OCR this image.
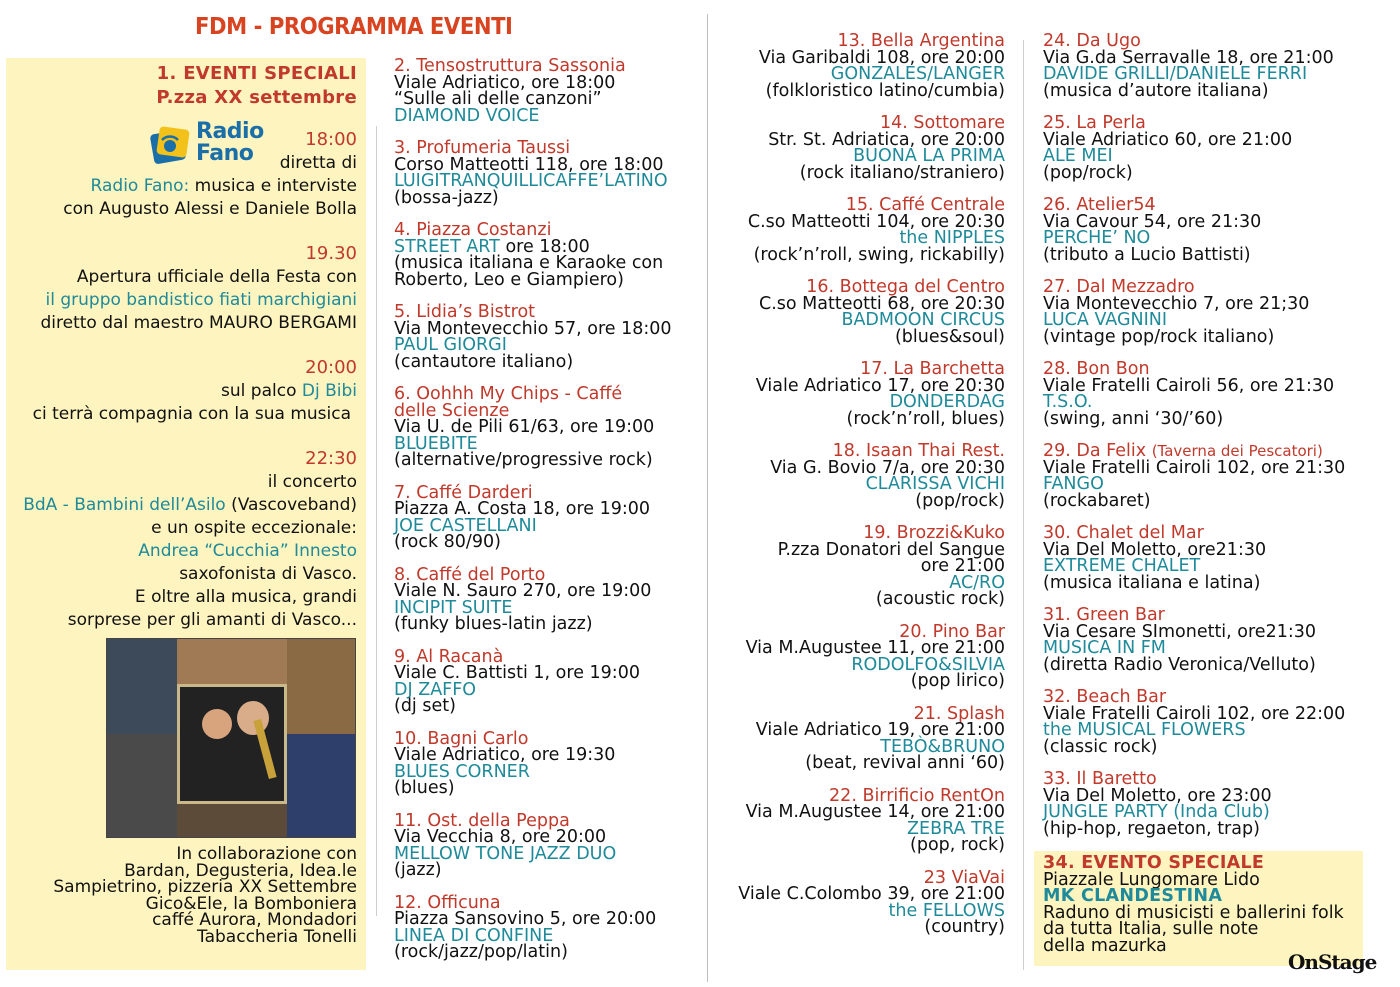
FDM - PROGRAMMA EVENTI
1. EVENTI SPECIALI
P.zza XX settembre
Radio
Fano
18:00
diretta di
Radio Fano: musica e interviste
con Augusto Alessi e Daniele Bolla
19.30
Apertura ufficiale della Festa con
il gruppo bandistico fiati marchigiani
diretto dal maestro MAURO BERGAMI
20:00
sul palco Dj Bibi
ci terrà compagnia con la sua musica
22:30
il concerto
BdA - Bambini dell’Asilo (Vascoveband)
e un ospite eccezionale:
Andrea “Cucchia” Innesto
saxofonista di Vasco.
E oltre alla musica, grandi
sorprese per gli amanti di Vasco...
In collaborazione con
Bardan, Degusteria, Idea.le
Sampietrino, pizzeria XX Settembre
Gico&Ele, la Bomboniera
caffé Aurora, Mondadori
Tabaccheria Tonelli
2. Tensostruttura Sassonia
Viale Adriatico, ore 18:00
“Sulle ali delle canzoni”
DIAMOND VOICE
3. Profumeria Taussi
Corso Matteotti 118, ore 18:00
LUIGITRANQUILLICAFFE’LATINO
(bossa-jazz)
4. Piazza Costanzi
STREET ART ore 18:00
(musica italiana e Karaoke con
Roberto, Leo e Giampiero)
5. Lidia’s Bistrot
Via Montevecchio 57, ore 18:00
PAUL GIORGI
(cantautore italiano)
6. Oohhh My Chips - Caffé
delle Scienze
Via U. de Pili 61/63, ore 19:00
BLUEBITE
(alternative/progressive rock)
7. Caffé Darderi
Piazza A. Costa 18, ore 19:00
JOE CASTELLANI
(rock 80/90)
8. Caffé del Porto
Viale N. Sauro 270, ore 19:00
INCIPIT SUITE
(funky blues-latin jazz)
9. Al Racanà
Viale C. Battisti 1, ore 19:00
DJ ZAFFO
(dj set)
10. Bagni Carlo
Viale Adriatico, ore 19:30
BLUES CORNER
(blues)
11. Ost. della Peppa
Via Vecchia 8, ore 20:00
MELLOW TONE JAZZ DUO
(jazz)
12. Officuna
Piazza Sansovino 5, ore 20:00
LINEA DI CONFINE
(rock/jazz/pop/latin)
13. Bella Argentina
Via Garibaldi 108, ore 20:00
GONZALES/LANGER
(folkloristico latino/cumbia)
14. Sottomare
Str. St. Adriatica, ore 20:00
BUONA LA PRIMA
(rock italiano/straniero)
15. Caffé Centrale
C.so Matteotti 104, ore 20:30
the NIPPLES
(rock’n’roll, swing, rickabilly)
16. Bottega del Centro
C.so Matteotti 68, ore 20:30
BADMOON CIRCUS
(blues&soul)
17. La Barchetta
Viale Adriatico 17, ore 20:30
DONDERDAG
(rock’n’roll, blues)
18. Isaan Thai Rest.
Via G. Bovio 7/a, ore 20:30
CLARISSA VICHI
(pop/rock)
19. Brozzi&Kuko
P.zza Donatori del Sangue
ore 21:00
AC/RO
(acoustic rock)
20. Pino Bar
Via M.Augustee 11, ore 21:00
RODOLFO&SILVIA
(pop lirico)
21. Splash
Viale Adriatico 19, ore 21:00
TEBÒ&BRUNO
(beat, revival anni ‘60)
22. Birrificio RentOn
Via M.Augustee 14, ore 21:00
ZEBRA TRE
(pop, rock)
23 ViaVai
Viale C.Colombo 39, ore 21:00
the FELLOWS
(country)
24. Da Ugo
Via G.da Serravalle 18, ore 21:00
DAVIDE GRILLI/DANIELE FERRI
(musica d’autore italiana)
25. La Perla
Viale Adriatico 60, ore 21:00
ALE MEI
(pop/rock)
26. Atelier54
Via Cavour 54, ore 21:30
PERCHE’ NO
(tributo a Lucio Battisti)
27. Dal Mezzadro
Via Montevecchio 7, ore 21;30
LUCA VAGNINI
(vintage pop/rock italiano)
28. Bon Bon
Viale Fratelli Cairoli 56, ore 21:30
T.S.O.
(swing, anni ‘30/’60)
29. Da Felix (Taverna dei Pescatori)
Viale Fratelli Cairoli 102, ore 21:30
FANGO
(rockabaret)
30. Chalet del Mar
Via Del Moletto, ore21:30
EXTREME CHALET
(musica italiana e latina)
31. Green Bar
Via Cesare SImonetti, ore21:30
MUSICA IN FM
(diretta Radio Veronica/Velluto)
32. Beach Bar
Viale Fratelli Cairoli 102, ore 22:00
the MUSICAL FLOWERS
(classic rock)
33. Il Baretto
Via Del Moletto, ore 23:00
JUNGLE PARTY (Inda Club)
(hip-hop, regaeton, trap)
34. EVENTO SPECIALE
Piazzale Lungomare Lido
MK CLANDESTINA
Raduno di musicisti e ballerini folk
da tutta Italia, sulle note
della mazurka
OnStage
